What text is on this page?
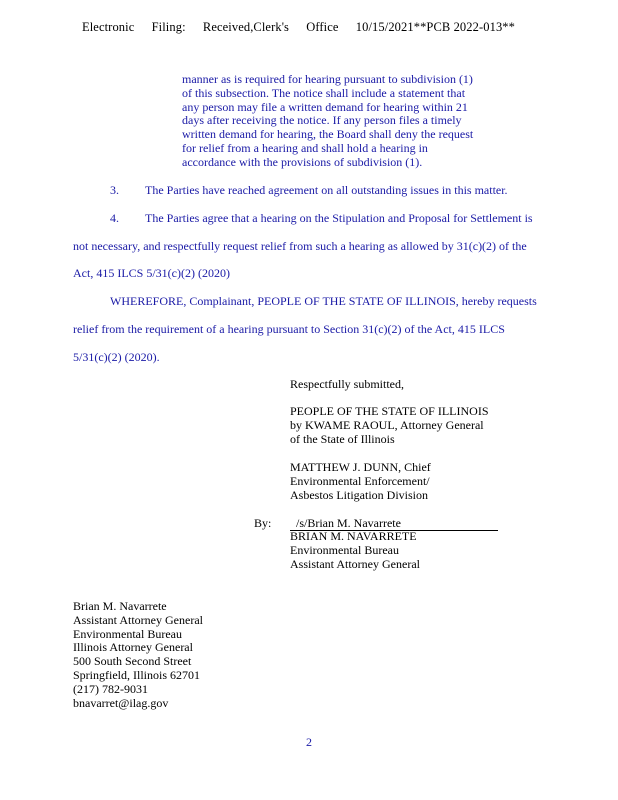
Electronic Filing: Received,Clerk's Office 10/15/2021**PCB 2022-013**
manner as is required for hearing pursuant to subdivision (1)
of this subsection. The notice shall include a statement that
any person may file a written demand for hearing within 21
days after receiving the notice. If any person files a timely
written demand for hearing, the Board shall deny the request
for relief from a hearing and shall hold a hearing in
accordance with the provisions of subdivision (1).
3. The Parties have reached agreement on all outstanding issues in this matter.
4. The Parties agree that a hearing on the Stipulation and Proposal for Settlement is
not necessary, and respectfully request relief from such a hearing as allowed by 31(c)(2) of the
Act, 415 ILCS 5/31(c)(2) (2020)
WHEREFORE, Complainant, PEOPLE OF THE STATE OF ILLINOIS, hereby requests
relief from the requirement of a hearing pursuant to Section 31(c)(2) of the Act, 415 ILCS
5/31(c)(2) (2020).
Respectfully submitted,
PEOPLE OF THE STATE OF ILLINOIS
by KWAME RAOUL, Attorney General
of the State of Illinois
MATTHEW J. DUNN, Chief
Environmental Enforcement/
Asbestos Litigation Division
By: /s/Brian M. Navarrete
BRIAN M. NAVARRETE
Environmental Bureau
Assistant Attorney General
Brian M. Navarrete
Assistant Attorney General
Environmental Bureau
Illinois Attorney General
500 South Second Street
Springfield, Illinois 62701
(217) 782-9031
bnavarret@ilag.gov
2
